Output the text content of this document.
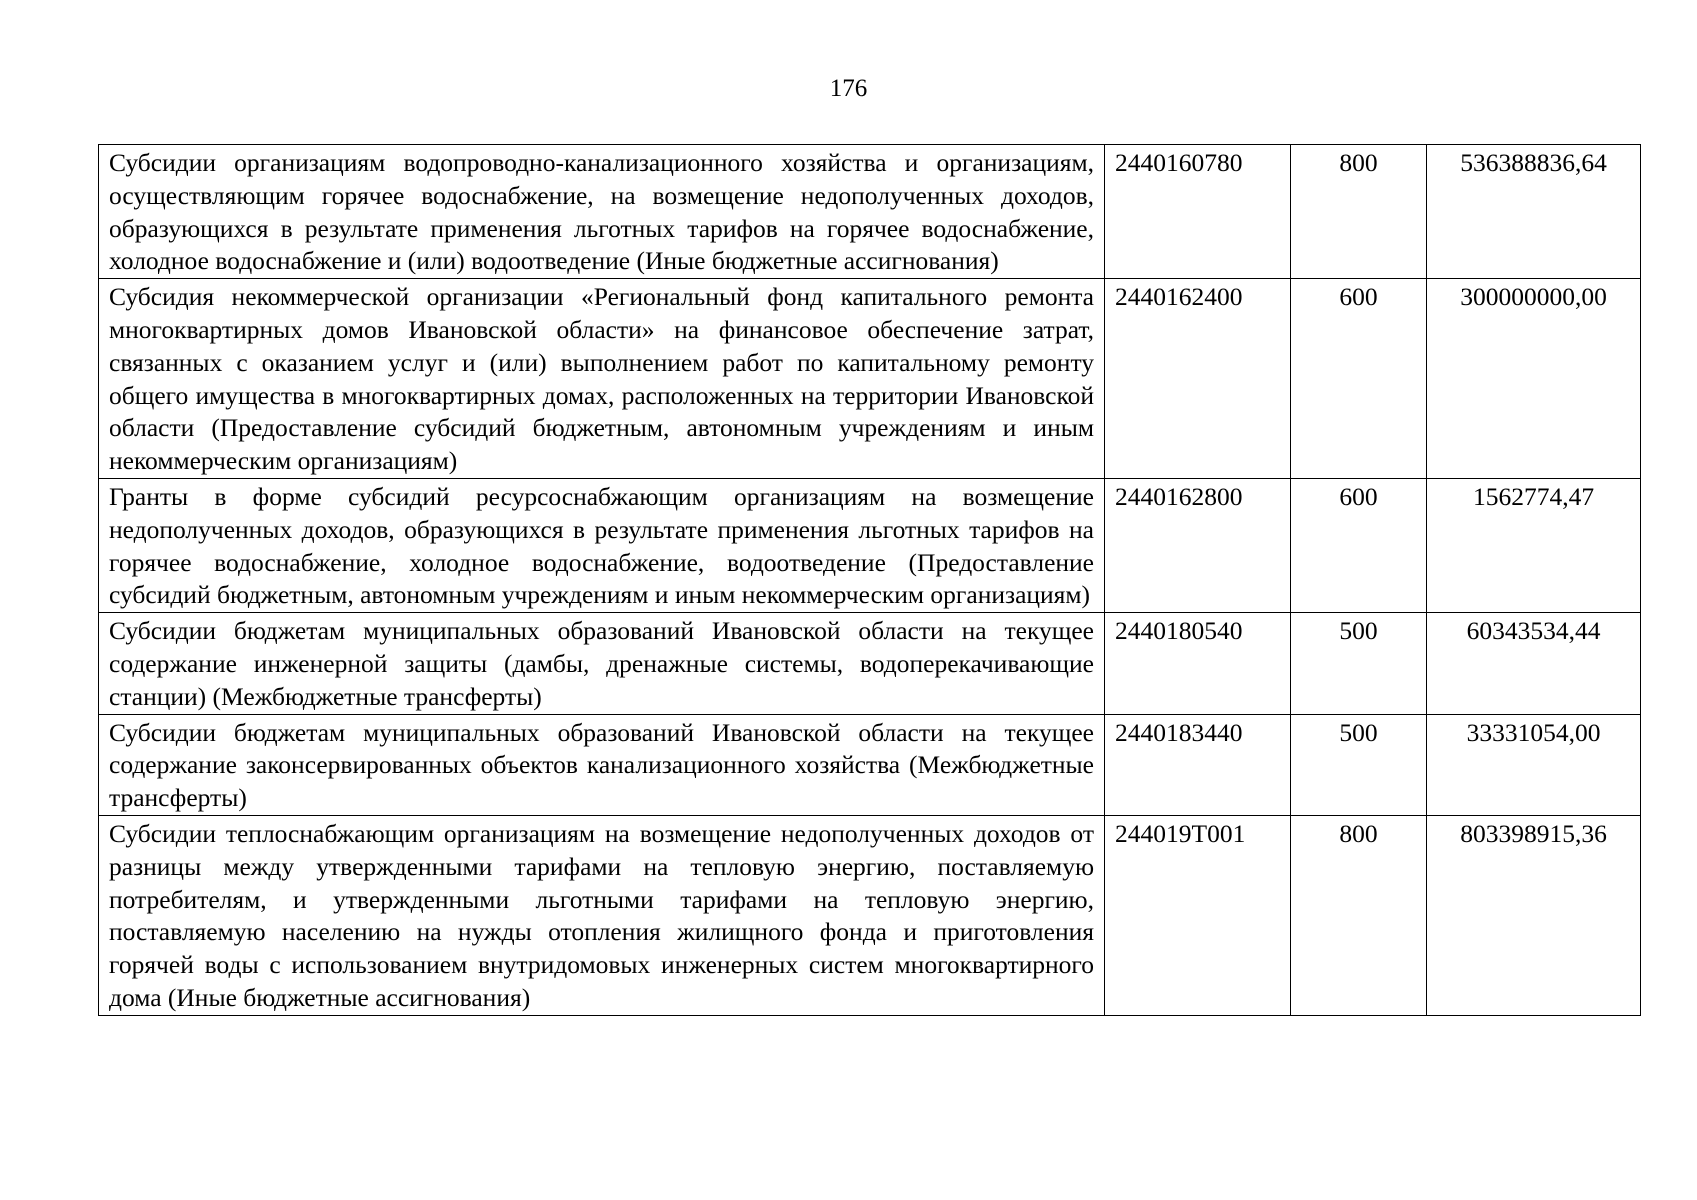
176
Субсидии организациям водопроводно-канализационного хозяйства и организациям, осуществляющим горячее водоснабжение, на возмещение недополученных доходов, образующихся в результате применения льготных тарифов на горячее водоснабжение, холодное водоснабжение и (или) водоотведение (Иные бюджетные ассигнования)	2440160780	800	536388836,64
Субсидия некоммерческой организации «Региональный фонд капитального ремонта многоквартирных домов Ивановской области» на финансовое обеспечение затрат, связанных с оказанием услуг и (или) выполнением работ по капитальному ремонту общего имущества в многоквартирных домах, расположенных на территории Ивановской области (Предоставление субсидий бюджетным, автономным учреждениям и иным некоммерческим организациям)	2440162400	600	300000000,00
Гранты в форме субсидий ресурсоснабжающим организациям на возмещение недополученных доходов, образующихся в результате применения льготных тарифов на горячее водоснабжение, холодное водоснабжение, водоотведение (Предоставление субсидий бюджетным, автономным учреждениям и иным некоммерческим организациям)	2440162800	600	1562774,47
Субсидии бюджетам муниципальных образований Ивановской области на текущее содержание инженерной защиты (дамбы, дренажные системы, водоперекачивающие станции) (Межбюджетные трансферты)	2440180540	500	60343534,44
Субсидии бюджетам муниципальных образований Ивановской области на текущее содержание законсервированных объектов канализационного хозяйства (Межбюджетные трансферты)	2440183440	500	33331054,00
Субсидии теплоснабжающим организациям на возмещение недополученных доходов от разницы между утвержденными тарифами на тепловую энергию, поставляемую потребителям, и утвержденными льготными тарифами на тепловую энергию, поставляемую населению на нужды отопления жилищного фонда и приготовления горячей воды с использованием внутридомовых инженерных систем многоквартирного дома (Иные бюджетные ассигнования)	244019Т001	800	803398915,36
